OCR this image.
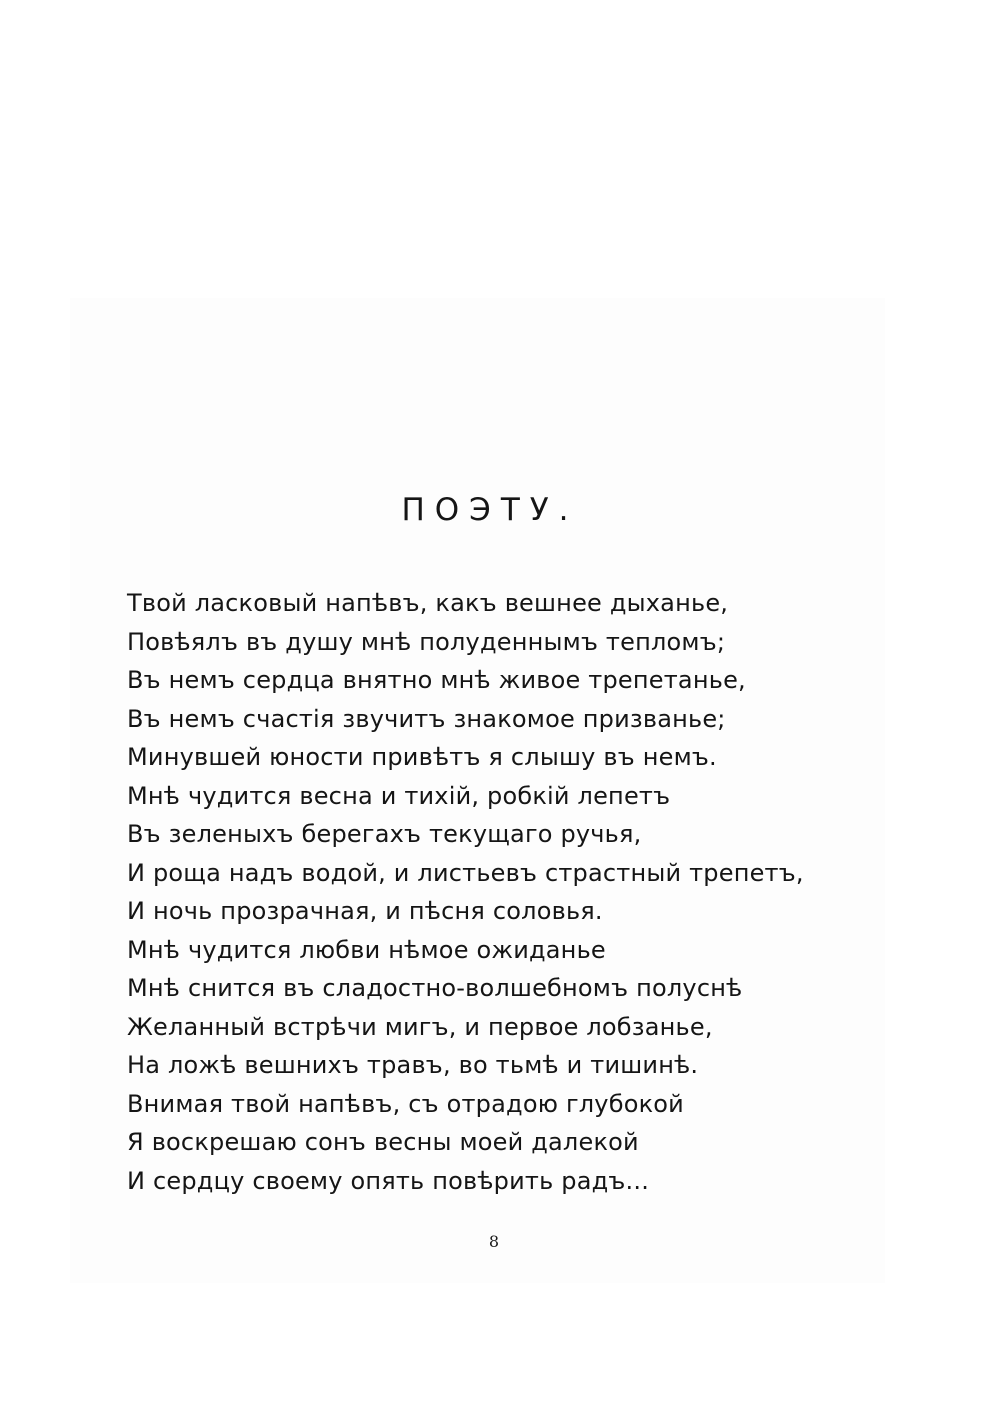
ПОЭТУ.
Твой ласковый напѣвъ, какъ вешнее дыханье,
Повѣялъ въ душу мнѣ полуденнымъ тепломъ;
Въ немъ сердца внятно мнѣ живое трепетанье,
Въ немъ счастія звучитъ знакомое призванье;
Минувшей юности привѣтъ я слышу въ немъ.
Мнѣ чудится весна и тихій, робкій лепетъ
Въ зеленыхъ берегахъ текущаго ручья,
И роща надъ водой, и листьевъ страстный трепетъ,
И ночь прозрачная, и пѣсня соловья.
Мнѣ чудится любви нѣмое ожиданье
Мнѣ снится въ сладостно-волшебномъ полуснѣ
Желанный встрѣчи мигъ, и первое лобзанье,
На ложѣ вешнихъ травъ, во тьмѣ и тишинѣ.
Внимая твой напѣвъ, съ отрадою глубокой
Я воскрешаю сонъ весны моей далекой
И сердцу своему опять повѣрить радъ...
8
